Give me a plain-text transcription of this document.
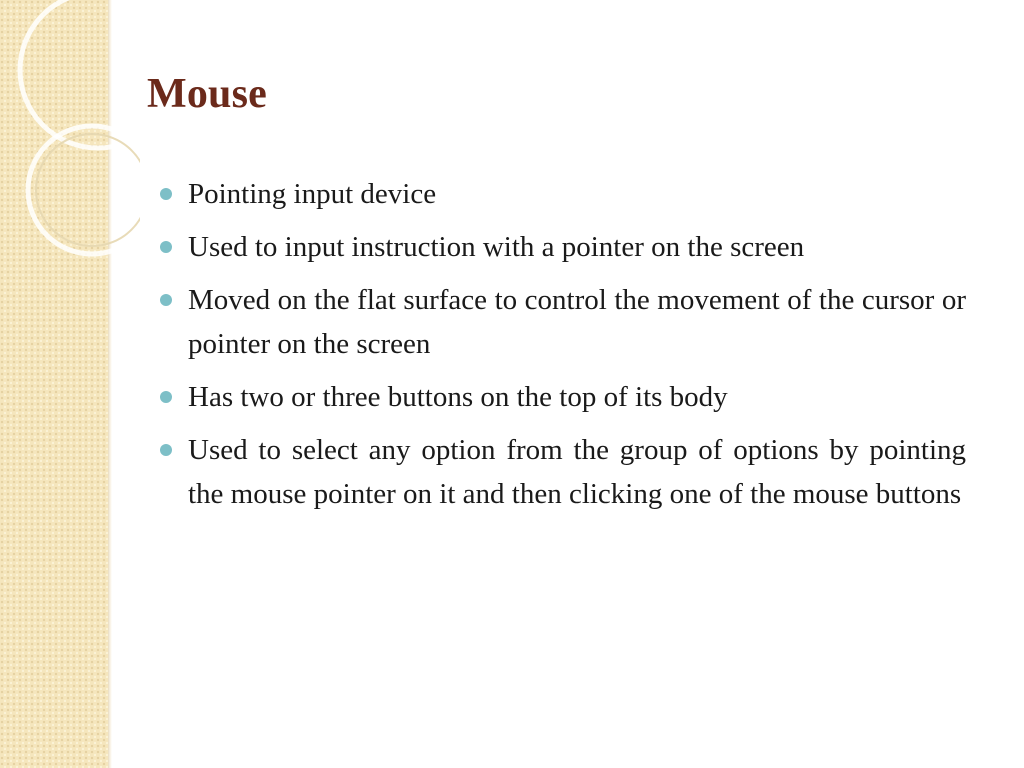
Mouse
Pointing input device
Used to input instruction with a pointer on the screen
Moved on the flat surface to control the movement of the cursor or pointer on the screen
Has two or three buttons on the top of its body
Used to select any option from the group of options by pointing the mouse pointer on it and then clicking one of the mouse buttons
